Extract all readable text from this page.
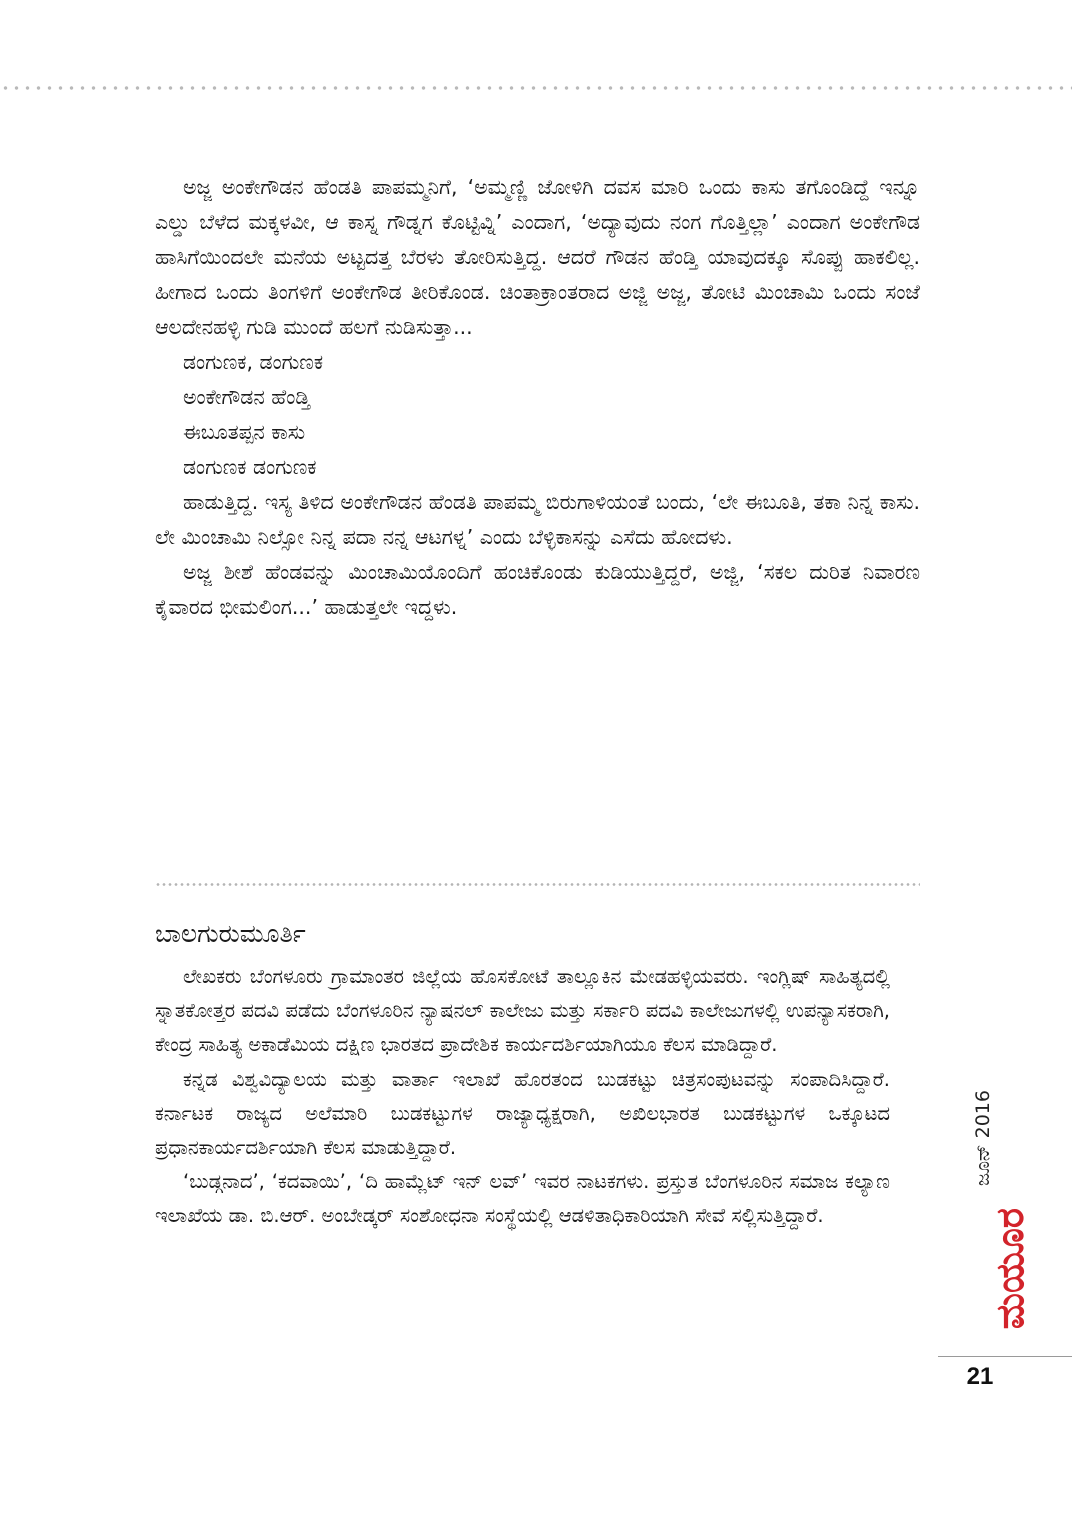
ಅಜ್ಜ ಅಂಕೇಗೌಡನ ಹೆಂಡತಿ ಪಾಪಮ್ಮನಿಗೆ, ‘ಅಮ್ಮಣ್ಣಿ ಜೋಳಿಗಿ ದವಸ ಮಾರಿ ಒಂದು ಕಾಸು ತಗೊಂಡಿದ್ದೆ ಇನ್ನೂ ಎಲ್ಡು ಬೆಳೆದ ಮಕ್ಕಳವೀ, ಆ ಕಾಸ್ನ ಗೌಡ್ನಗ ಕೊಟ್ಟಿವ್ನಿ’ ಎಂದಾಗ, ‘ಅದ್ಯಾವುದು ನಂಗ ಗೊತ್ತಿಲ್ಲಾ’ ಎಂದಾಗ ಅಂಕೇಗೌಡ ಹಾಸಿಗೆಯಿಂದಲೇ ಮನೆಯ ಅಟ್ಟದತ್ತ ಬೆರಳು ತೋರಿಸುತ್ತಿದ್ದ. ಆದರೆ ಗೌಡನ ಹೆಂಡ್ತಿ ಯಾವುದಕ್ಕೂ ಸೊಪ್ಪು ಹಾಕಲಿಲ್ಲ. ಹೀಗಾದ ಒಂದು ತಿಂಗಳಿಗೆ ಅಂಕೇಗೌಡ ತೀರಿಕೊಂಡ. ಚಿಂತಾಕ್ರಾಂತರಾದ ಅಜ್ಜಿ ಅಜ್ಜ, ತೋಟಿ ಮಿಂಚಾಮಿ ಒಂದು ಸಂಜೆ ಆಲದೇನಹಳ್ಳಿ ಗುಡಿ ಮುಂದೆ ಹಲಗೆ ನುಡಿಸುತ್ತಾ...

ಡಂಗುಣಕ, ಡಂಗುಣಕ

ಅಂಕೇಗೌಡನ ಹೆಂಡ್ತಿ

ಈಬೂತಪ್ಪನ ಕಾಸು

ಡಂಗುಣಕ ಡಂಗುಣಕ

ಹಾಡುತ್ತಿದ್ದ. ಇಸ್ಯ ತಿಳಿದ ಅಂಕೇಗೌಡನ ಹೆಂಡತಿ ಪಾಪಮ್ಮ ಬಿರುಗಾಳಿಯಂತೆ ಬಂದು, ‘ಲೇ ಈಬೂತಿ, ತಕಾ ನಿನ್ನ ಕಾಸು. ಲೇ ಮಿಂಚಾಮಿ ನಿಲ್ಸೋ ನಿನ್ನ ಪದಾ ನನ್ನ ಆಟಗಳ್ನ’ ಎಂದು ಬೆಳ್ಳಿಕಾಸನ್ನು ಎಸೆದು ಹೋದಳು.

ಅಜ್ಜ ಶೀಶೆ ಹೆಂಡವನ್ನು ಮಿಂಚಾಮಿಯೊಂದಿಗೆ ಹಂಚಿಕೊಂಡು ಕುಡಿಯುತ್ತಿದ್ದರೆ, ಅಜ್ಜಿ, ‘ಸಕಲ ದುರಿತ ನಿವಾರಣ ಕೈವಾರದ ಭೀಮಲಿಂಗ...’ ಹಾಡುತ್ತಲೇ ಇದ್ದಳು.

ಬಾಲಗುರುಮೂರ್ತಿ

ಲೇಖಕರು ಬೆಂಗಳೂರು ಗ್ರಾಮಾಂತರ ಜಿಲ್ಲೆಯ ಹೊಸಕೋಟೆ ತಾಲ್ಲೂಕಿನ ಮೇಡಹಳ್ಳಿಯವರು. ಇಂಗ್ಲಿಷ್ ಸಾಹಿತ್ಯದಲ್ಲಿ ಸ್ನಾತಕೋತ್ತರ ಪದವಿ ಪಡೆದು ಬೆಂಗಳೂರಿನ ನ್ಯಾಷನಲ್ ಕಾಲೇಜು ಮತ್ತು ಸರ್ಕಾರಿ ಪದವಿ ಕಾಲೇಜುಗಳಲ್ಲಿ ಉಪನ್ಯಾಸಕರಾಗಿ, ಕೇಂದ್ರ ಸಾಹಿತ್ಯ ಅಕಾಡೆಮಿಯ ದಕ್ಷಿಣ ಭಾರತದ ಪ್ರಾದೇಶಿಕ ಕಾರ್ಯದರ್ಶಿಯಾಗಿಯೂ ಕೆಲಸ ಮಾಡಿದ್ದಾರೆ.

ಕನ್ನಡ ವಿಶ್ವವಿದ್ಯಾಲಯ ಮತ್ತು ವಾರ್ತಾ ಇಲಾಖೆ ಹೊರತಂದ ಬುಡಕಟ್ಟು ಚಿತ್ರಸಂಪುಟವನ್ನು ಸಂಪಾದಿಸಿದ್ದಾರೆ. ಕರ್ನಾಟಕ ರಾಜ್ಯದ ಅಲೆಮಾರಿ ಬುಡಕಟ್ಟುಗಳ ರಾಜ್ಯಾಧ್ಯಕ್ಷರಾಗಿ, ಅಖಿಲಭಾರತ ಬುಡಕಟ್ಟುಗಳ ಒಕ್ಕೂಟದ ಪ್ರಧಾನಕಾರ್ಯದರ್ಶಿಯಾಗಿ ಕೆಲಸ ಮಾಡುತ್ತಿದ್ದಾರೆ.

‘ಬುಡ್ಗನಾದ’, ‘ಕದವಾಯಿ’, ‘ದಿ ಹಾಮ್ಲೆಟ್ ಇನ್ ಲವ್’ ಇವರ ನಾಟಕಗಳು. ಪ್ರಸ್ತುತ ಬೆಂಗಳೂರಿನ ಸಮಾಜ ಕಲ್ಯಾಣ ಇಲಾಖೆಯ ಡಾ. ಬಿ.ಆರ್. ಅಂಬೇಡ್ಕರ್ ಸಂಶೋಧನಾ ಸಂಸ್ಥೆಯಲ್ಲಿ ಆಡಳಿತಾಧಿಕಾರಿಯಾಗಿ ಸೇವೆ ಸಲ್ಲಿಸುತ್ತಿದ್ದಾರೆ.

ಜೂನ್ 2016
ಮಯೂರ
21
